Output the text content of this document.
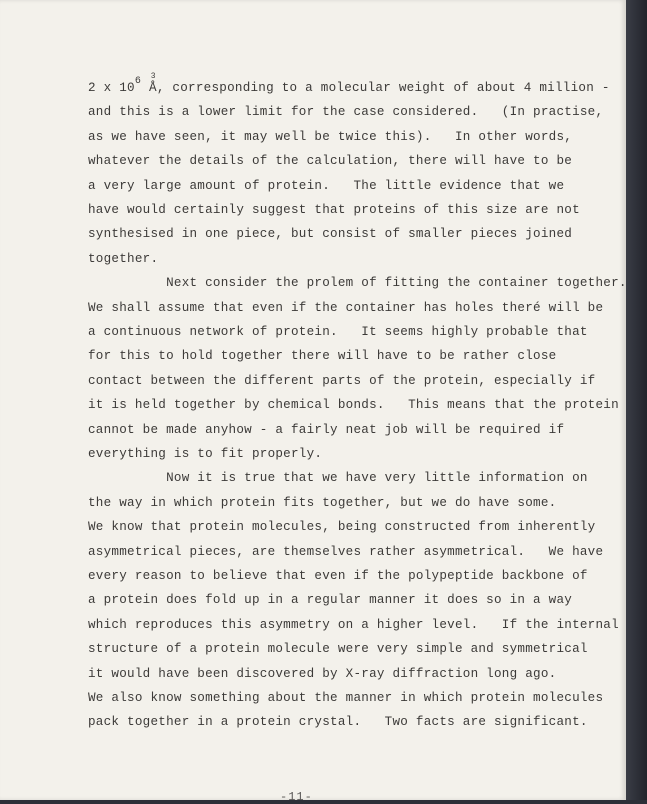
2 x $10^6$ $Å^3$, corresponding to a molecular weight of about 4 million -
and this is a lower limit for the case considered.   (In practise,
as we have seen, it may well be twice this).   In other words,
whatever the details of the calculation, there will have to be
a very large amount of protein.   The little evidence that we
have would certainly suggest that proteins of this size are not
synthesised in one piece, but consist of smaller pieces joined
together.
Next consider the prolem of fitting the container together.
We shall assume that even if the container has holes theré will be
a continuous network of protein.   It seems highly probable that
for this to hold together there will have to be rather close
contact between the different parts of the protein, especially if
it is held together by chemical bonds.   This means that the protein
cannot be made anyhow - a fairly neat job will be required if
everything is to fit properly.
Now it is true that we have very little information on
the way in which protein fits together, but we do have some.
We know that protein molecules, being constructed from inherently
asymmetrical pieces, are themselves rather asymmetrical.   We have
every reason to believe that even if the polypeptide backbone of
a protein does fold up in a regular manner it does so in a way
which reproduces this asymmetry on a higher level.   If the internal
structure of a protein molecule were very simple and symmetrical
it would have been discovered by X-ray diffraction long ago.
We also know something about the manner in which protein molecules
pack together in a protein crystal.   Two facts are significant.
-11-
